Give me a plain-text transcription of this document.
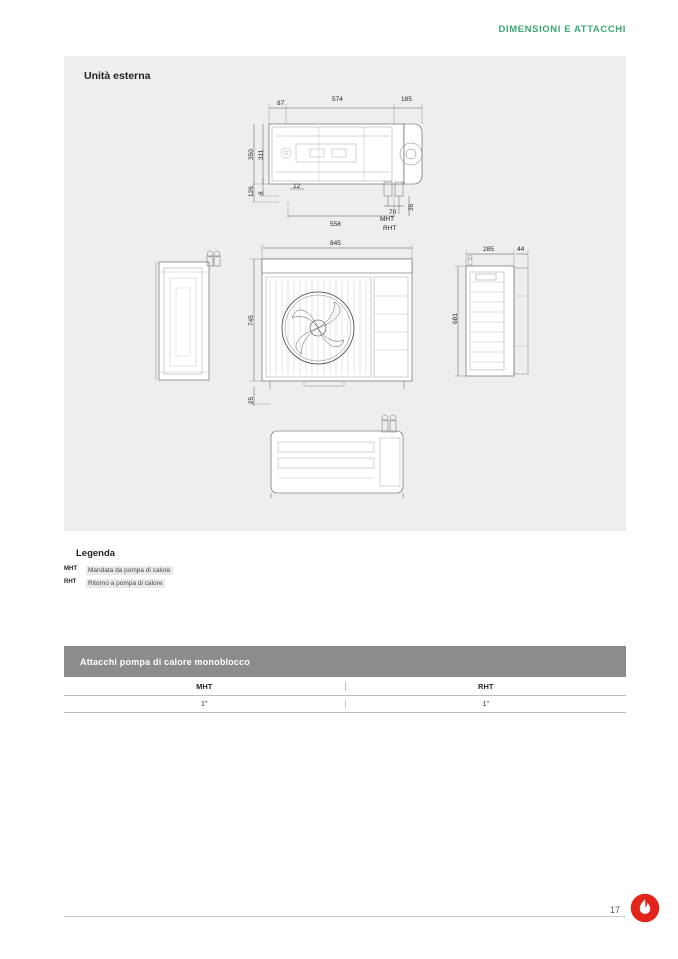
DIMENSIONI E ATTACCHI
Unità esterna
87
574	185
350 311
126 8
12
558
70
35
MHT
RHT
845
745
25
285	44
681
Legenda
MHT	Mandata da pompa di calore
RHT	Ritorno a pompa di calore
Attacchi pompa di calore monoblocco
MHT	RHT
1"	1"
17
